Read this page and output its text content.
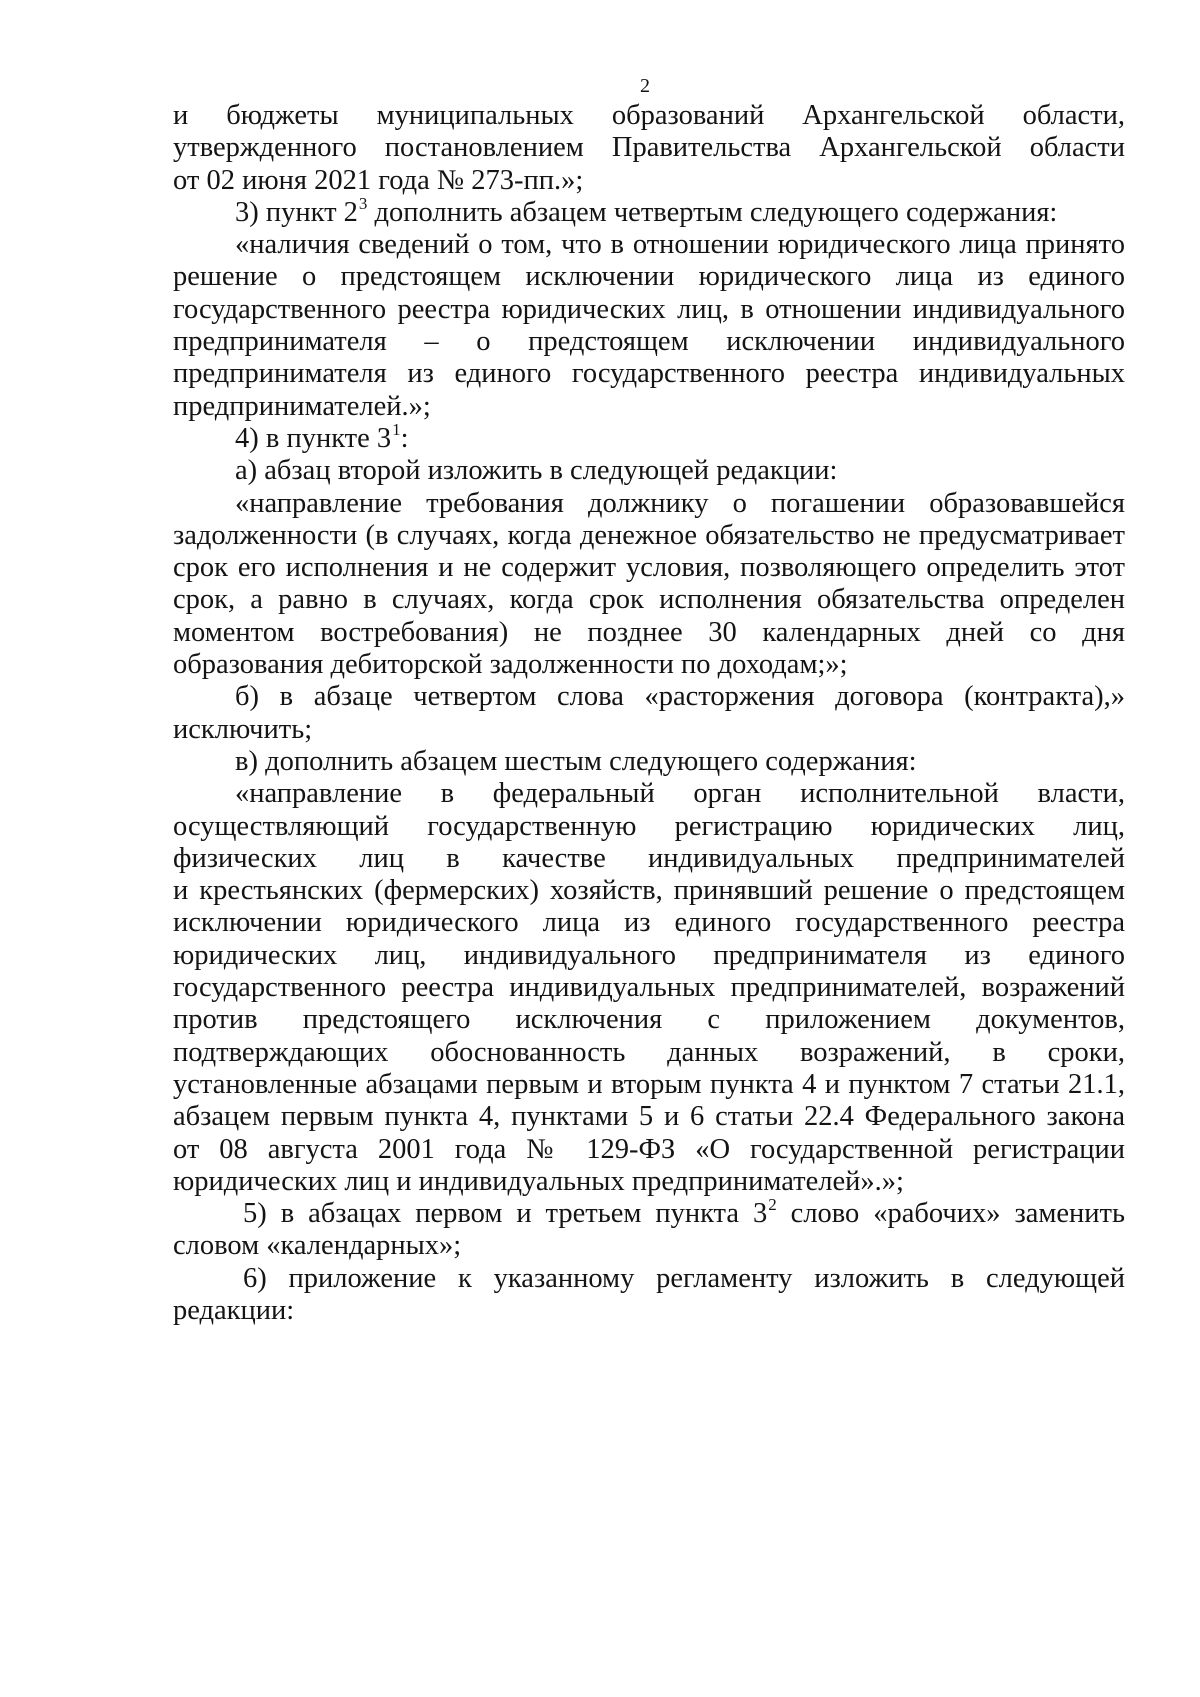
2
и бюджеты муниципальных образований Архангельской области,
утвержденного постановлением Правительства Архангельской области
от 02 июня 2021 года № 273-пп.»;
3) пункт $2^3$ дополнить абзацем четвертым следующего содержания:
«наличия сведений о том, что в отношении юридического лица принято
решение о предстоящем исключении юридического лица из единого
государственного реестра юридических лиц, в отношении индивидуального
предпринимателя – о предстоящем исключении индивидуального
предпринимателя из единого государственного реестра индивидуальных
предпринимателей.»;
4) в пункте $3^1$:
а) абзац второй изложить в следующей редакции:
«направление требования должнику о погашении образовавшейся
задолженности (в случаях, когда денежное обязательство не предусматривает
срок его исполнения и не содержит условия, позволяющего определить этот
срок, а равно в случаях, когда срок исполнения обязательства определен
моментом востребования) не позднее 30 календарных дней со дня
образования дебиторской задолженности по доходам;»;
б) в абзаце четвертом слова «расторжения договора (контракта),»
исключить;
в) дополнить абзацем шестым следующего содержания:
«направление в федеральный орган исполнительной власти,
осуществляющий государственную регистрацию юридических лиц,
физических лиц в качестве индивидуальных предпринимателей
и крестьянских (фермерских) хозяйств, принявший решение о предстоящем
исключении юридического лица из единого государственного реестра
юридических лиц, индивидуального предпринимателя из единого
государственного реестра индивидуальных предпринимателей, возражений
против предстоящего исключения с приложением документов,
подтверждающих обоснованность данных возражений, в сроки,
установленные абзацами первым и вторым пункта 4 и пунктом 7 статьи 21.1,
абзацем первым пункта 4, пунктами 5 и 6 статьи 22.4 Федерального закона
от 08 августа 2001 года № 129-ФЗ «О государственной регистрации
юридических лиц и индивидуальных предпринимателей».»;
5) в абзацах первом и третьем пункта $3^2$ слово «рабочих» заменить
словом «календарных»;
6) приложение к указанному регламенту изложить в следующей
редакции:
